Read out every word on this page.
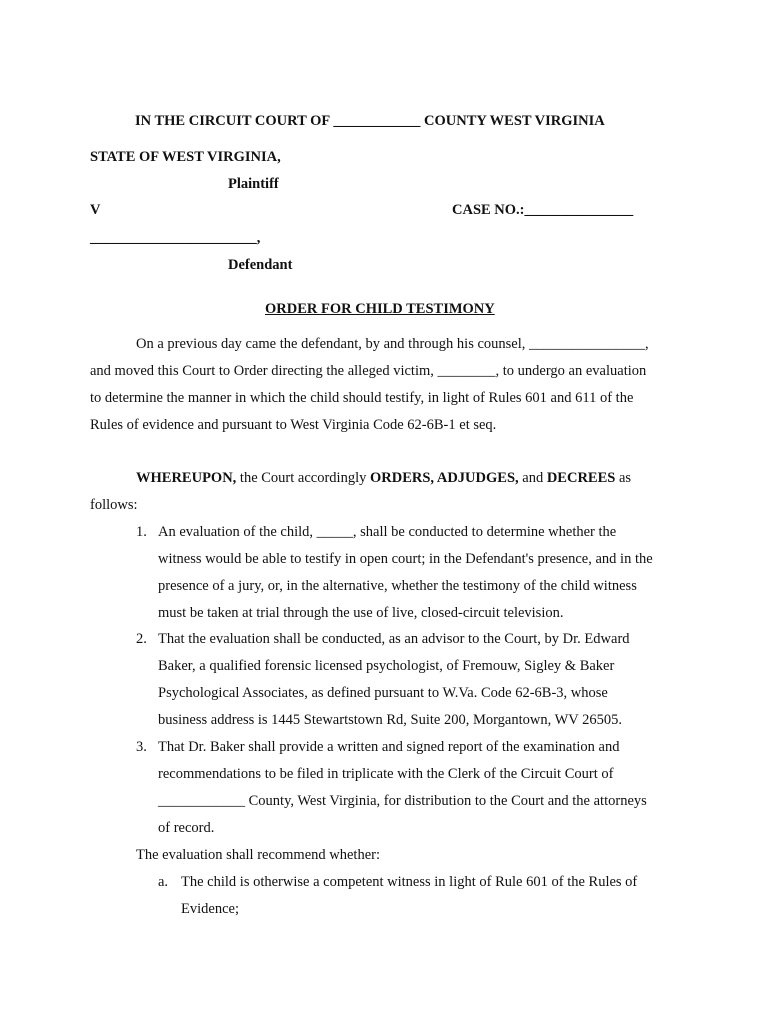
IN THE CIRCUIT COURT OF ____________ COUNTY WEST VIRGINIA
STATE OF WEST VIRGINIA,
Plaintiff
V	CASE NO.:_______________
_______________________,
Defendant
ORDER FOR CHILD TESTIMONY
On a previous day came the defendant, by and through his counsel, ________________,
and moved this Court to Order directing the alleged victim, ________, to undergo an evaluation
to determine the manner in which the child should testify, in light of Rules 601 and 611 of the
Rules of evidence and pursuant to West Virginia Code 62-6B-1 et seq.
WHEREUPON, the Court accordingly ORDERS, ADJUDGES, and DECREES as
follows:
1. An evaluation of the child, _____, shall be conducted to determine whether the
witness would be able to testify in open court; in the Defendant's presence, and in the
presence of a jury, or, in the alternative, whether the testimony of the child witness
must be taken at trial through the use of live, closed-circuit television.
2. That the evaluation shall be conducted, as an advisor to the Court, by Dr. Edward
Baker, a qualified forensic licensed psychologist, of Fremouw, Sigley & Baker
Psychological Associates, as defined pursuant to W.Va. Code 62-6B-3, whose
business address is 1445 Stewartstown Rd, Suite 200, Morgantown, WV 26505.
3. That Dr. Baker shall provide a written and signed report of the examination and
recommendations to be filed in triplicate with the Clerk of the Circuit Court of
____________ County, West Virginia, for distribution to the Court and the attorneys
of record.
The evaluation shall recommend whether:
a. The child is otherwise a competent witness in light of Rule 601 of the Rules of
Evidence;
